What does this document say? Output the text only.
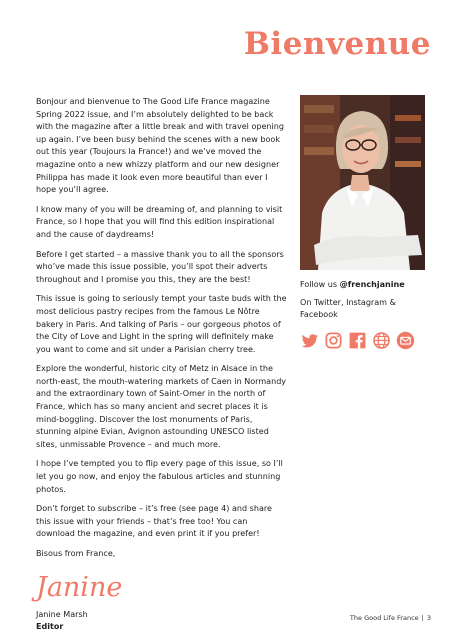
Bienvenue

Bonjour and bienvenue to The Good Life France magazine Spring 2022 issue, and I’m absolutely delighted to be back with the magazine after a little break and with travel opening up again. I’ve been busy behind the scenes with a new book out this year (Toujours la France!) and we’ve moved the magazine onto a new whizzy platform and our new designer Philippa has made it look even more beautiful than ever I hope you’ll agree.

I know many of you will be dreaming of, and planning to visit France, so I hope that you will find this edition inspirational and the cause of daydreams!

Before I get started – a massive thank you to all the sponsors who’ve made this issue possible, you’ll spot their adverts throughout and I promise you this, they are the best!

This issue is going to seriously tempt your taste buds with the most delicious pastry recipes from the famous Le Nôtre bakery in Paris. And talking of Paris – our gorgeous photos of the City of Love and Light in the spring will definitely make you want to come and sit under a Parisian cherry tree.

Explore the wonderful, historic city of Metz in Alsace in the north-east, the mouth-watering markets of Caen in Normandy and the extraordinary town of Saint-Omer in the north of France, which has so many ancient and secret places it is mind-boggling. Discover the lost monuments of Paris, stunning alpine Evian, Avignon astounding UNESCO listed sites, unmissable Provence – and much more.

I hope I’ve tempted you to flip every page of this issue, so I’ll let you go now, and enjoy the fabulous articles and stunning photos.

Don’t forget to subscribe – it’s free (see page 4) and share this issue with your friends – that’s free too! You can download the magazine, and even print it if you prefer!

Bisous from France,

Janine

Janine Marsh

Editor

Follow us @frenchjanine

On Twitter, Instagram & Facebook

The Good Life France | 3
